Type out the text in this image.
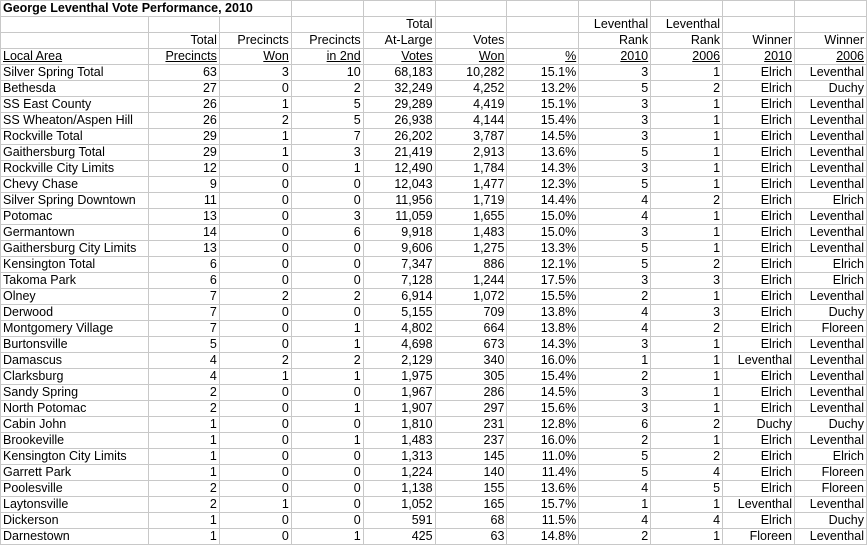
George Leventhal Vote Performance, 2010										
				Total			Leventhal	Leventhal		
	Total	Precincts	Precincts	At-Large	Votes		Rank	Rank	Winner	Winner
Local Area	Precincts	Won	in 2nd	Votes	Won	%	2010	2006	2010	2006
Silver Spring Total	63	3	10	68,183	10,282	15.1%	3	1	Elrich	Leventhal
Bethesda	27	0	2	32,249	4,252	13.2%	5	2	Elrich	Duchy
SS East County	26	1	5	29,289	4,419	15.1%	3	1	Elrich	Leventhal
SS Wheaton/Aspen Hill	26	2	5	26,938	4,144	15.4%	3	1	Elrich	Leventhal
Rockville Total	29	1	7	26,202	3,787	14.5%	3	1	Elrich	Leventhal
Gaithersburg Total	29	1	3	21,419	2,913	13.6%	5	1	Elrich	Leventhal
Rockville City Limits	12	0	1	12,490	1,784	14.3%	3	1	Elrich	Leventhal
Chevy Chase	9	0	0	12,043	1,477	12.3%	5	1	Elrich	Leventhal
Silver Spring Downtown	11	0	0	11,956	1,719	14.4%	4	2	Elrich	Elrich
Potomac	13	0	3	11,059	1,655	15.0%	4	1	Elrich	Leventhal
Germantown	14	0	6	9,918	1,483	15.0%	3	1	Elrich	Leventhal
Gaithersburg City Limits	13	0	0	9,606	1,275	13.3%	5	1	Elrich	Leventhal
Kensington Total	6	0	0	7,347	886	12.1%	5	2	Elrich	Elrich
Takoma Park	6	0	0	7,128	1,244	17.5%	3	3	Elrich	Elrich
Olney	7	2	2	6,914	1,072	15.5%	2	1	Elrich	Leventhal
Derwood	7	0	0	5,155	709	13.8%	4	3	Elrich	Duchy
Montgomery Village	7	0	1	4,802	664	13.8%	4	2	Elrich	Floreen
Burtonsville	5	0	1	4,698	673	14.3%	3	1	Elrich	Leventhal
Damascus	4	2	2	2,129	340	16.0%	1	1	Leventhal	Leventhal
Clarksburg	4	1	1	1,975	305	15.4%	2	1	Elrich	Leventhal
Sandy Spring	2	0	0	1,967	286	14.5%	3	1	Elrich	Leventhal
North Potomac	2	0	1	1,907	297	15.6%	3	1	Elrich	Leventhal
Cabin John	1	0	0	1,810	231	12.8%	6	2	Duchy	Duchy
Brookeville	1	0	1	1,483	237	16.0%	2	1	Elrich	Leventhal
Kensington City Limits	1	0	0	1,313	145	11.0%	5	2	Elrich	Elrich
Garrett Park	1	0	0	1,224	140	11.4%	5	4	Elrich	Floreen
Poolesville	2	0	0	1,138	155	13.6%	4	5	Elrich	Floreen
Laytonsville	2	1	0	1,052	165	15.7%	1	1	Leventhal	Leventhal
Dickerson	1	0	0	591	68	11.5%	4	4	Elrich	Duchy
Darnestown	1	0	1	425	63	14.8%	2	1	Floreen	Leventhal
